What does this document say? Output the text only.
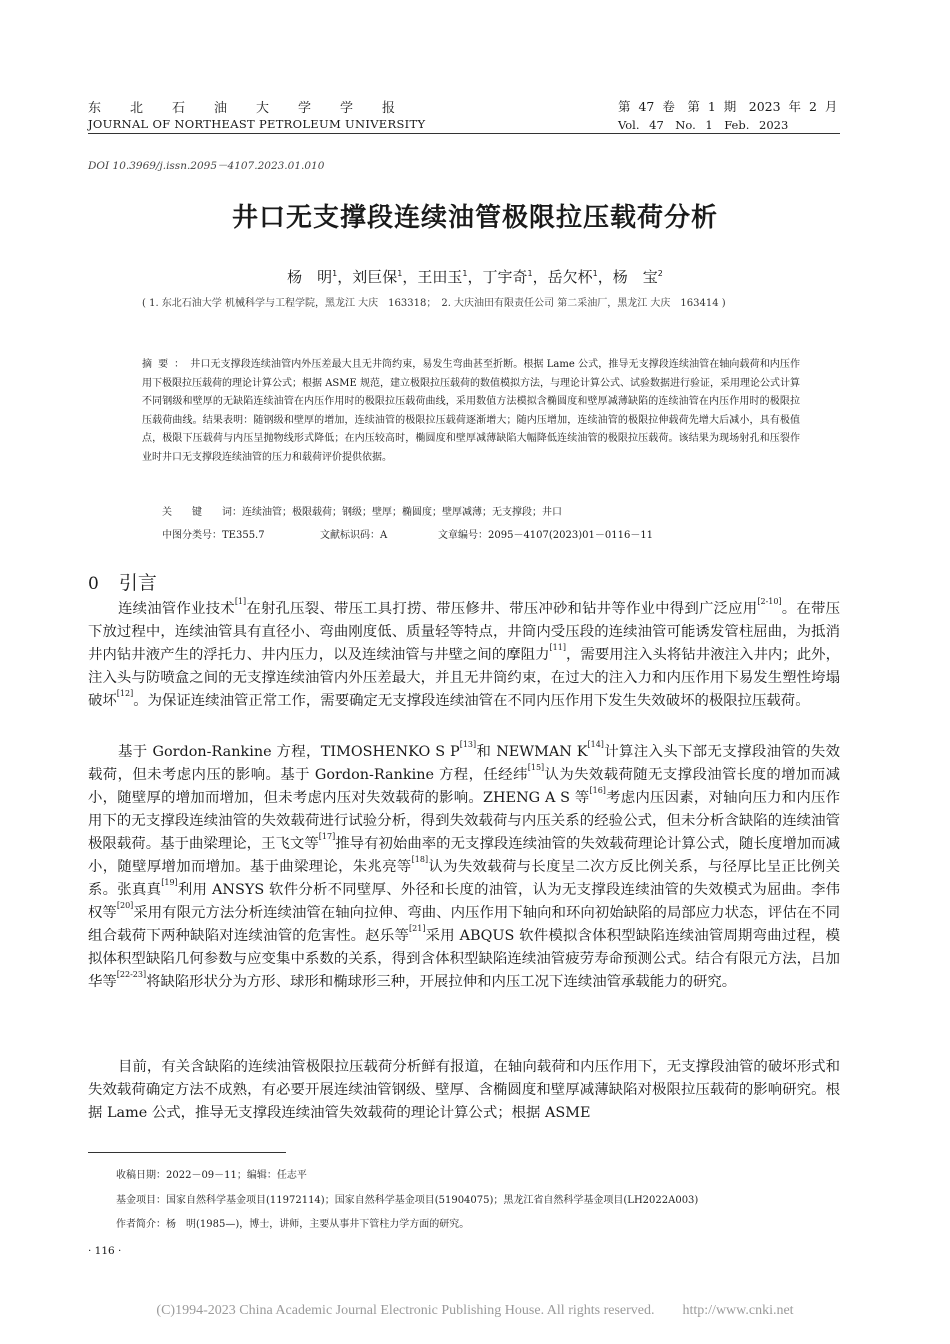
东北石油大学学报
JOURNAL OF NORTHEAST PETROLEUM UNIVERSITY
第 47 卷　第 1 期　2023 年 2 月
Vol. 47　No. 1　Feb. 2023
DOI 10.3969/j.issn.2095－4107.2023.01.010
井口无支撑段连续油管极限拉压载荷分析
杨　明$^1$，刘巨保$^1$，王田玉$^1$，丁宇奇$^1$，岳欠杯$^1$，杨　宝$^2$
( 1. 东北石油大学 机械科学与工程学院，黑龙江 大庆　163318；　2. 大庆油田有限责任公司 第二采油厂，黑龙江 大庆　163414 )
摘要：井口无支撑段连续油管内外压差最大且无井筒约束，易发生弯曲甚至折断。根据 Lame 公式，推导无支撑段连续油管在轴向载荷和内压作用下极限拉压载荷的理论计算公式；根据 ASME 规范，建立极限拉压载荷的数值模拟方法，与理论计算公式、试验数据进行验证，采用理论公式计算不同钢级和壁厚的无缺陷连续油管在内压作用时的极限拉压载荷曲线，采用数值方法模拟含椭圆度和壁厚减薄缺陷的连续油管在内压作用时的极限拉压载荷曲线。结果表明：随钢级和壁厚的增加，连续油管的极限拉压载荷逐渐增大；随内压增加，连续油管的极限拉伸载荷先增大后减小，具有极值点，极限下压载荷与内压呈抛物线形式降低；在内压较高时，椭圆度和壁厚减薄缺陷大幅降低连续油管的极限拉压载荷。该结果为现场射孔和压裂作业时井口无支撑段连续油管的压力和载荷评价提供依据。
关　　键　　词：连续油管；极限载荷；钢级；壁厚；椭圆度；壁厚减薄；无支撑段；井口
中图分类号：TE355.7	文献标识码：A	文章编号：2095－4107(2023)01－0116－11
0 引言

连续油管作业技术[1]在射孔压裂、带压工具打捞、带压修井、带压冲砂和钻井等作业中得到广泛应用[2-10]。在带压下放过程中，连续油管具有直径小、弯曲刚度低、质量轻等特点，井筒内受压段的连续油管可能诱发管柱屈曲，为抵消井内钻井液产生的浮托力、井内压力，以及连续油管与井壁之间的摩阻力[11]，需要用注入头将钻井液注入井内；此外，注入头与防喷盒之间的无支撑连续油管内外压差最大，并且无井筒约束，在过大的注入力和内压作用下易发生塑性垮塌破坏[12]。为保证连续油管正常工作，需要确定无支撑段连续油管在不同内压作用下发生失效破坏的极限拉压载荷。

基于 Gordon-Rankine 方程，TIMOSHENKO S P[13]和 NEWMAN K[14]计算注入头下部无支撑段油管的失效载荷，但未考虑内压的影响。基于 Gordon-Rankine 方程，任经纬[15]认为失效载荷随无支撑段油管长度的增加而减小，随壁厚的增加而增加，但未考虑内压对失效载荷的影响。ZHENG A S 等[16]考虑内压因素，对轴向压力和内压作用下的无支撑段连续油管的失效载荷进行试验分析，得到失效载荷与内压关系的经验公式，但未分析含缺陷的连续油管极限载荷。基于曲梁理论，王飞文等[17]推导有初始曲率的无支撑段连续油管的失效载荷理论计算公式，随长度增加而减小，随壁厚增加而增加。基于曲梁理论，朱兆亮等[18]认为失效载荷与长度呈二次方反比例关系，与径厚比呈正比例关系。张真真[19]利用 ANSYS 软件分析不同壁厚、外径和长度的油管，认为无支撑段连续油管的失效模式为屈曲。李伟权等[20]采用有限元方法分析连续油管在轴向拉伸、弯曲、内压作用下轴向和环向初始缺陷的局部应力状态，评估在不同组合载荷下两种缺陷对连续油管的危害性。赵乐等[21]采用 ABQUS 软件模拟含体积型缺陷连续油管周期弯曲过程，模拟体积型缺陷几何参数与应变集中系数的关系，得到含体积型缺陷连续油管疲劳寿命预测公式。结合有限元方法，吕加华等[22-23]将缺陷形状分为方形、球形和椭球形三种，开展拉伸和内压工况下连续油管承载能力的研究。

目前，有关含缺陷的连续油管极限拉压载荷分析鲜有报道，在轴向载荷和内压作用下，无支撑段油管的破坏形式和失效载荷确定方法不成熟，有必要开展连续油管钢级、壁厚、含椭圆度和壁厚减薄缺陷对极限拉压载荷的影响研究。根据 Lame 公式，推导无支撑段连续油管失效载荷的理论计算公式；根据 ASME

收稿日期：2022－09－11；编辑：任志平
基金项目：国家自然科学基金项目(11972114)；国家自然科学基金项目(51904075)；黑龙江省自然科学基金项目(LH2022A003)
作者简介：杨　明(1985—)，博士，讲师，主要从事井下管柱力学方面的研究。
· 116 ·
(C)1994-2023 China Academic Journal Electronic Publishing House. All rights reserved.　　http://www.cnki.net
